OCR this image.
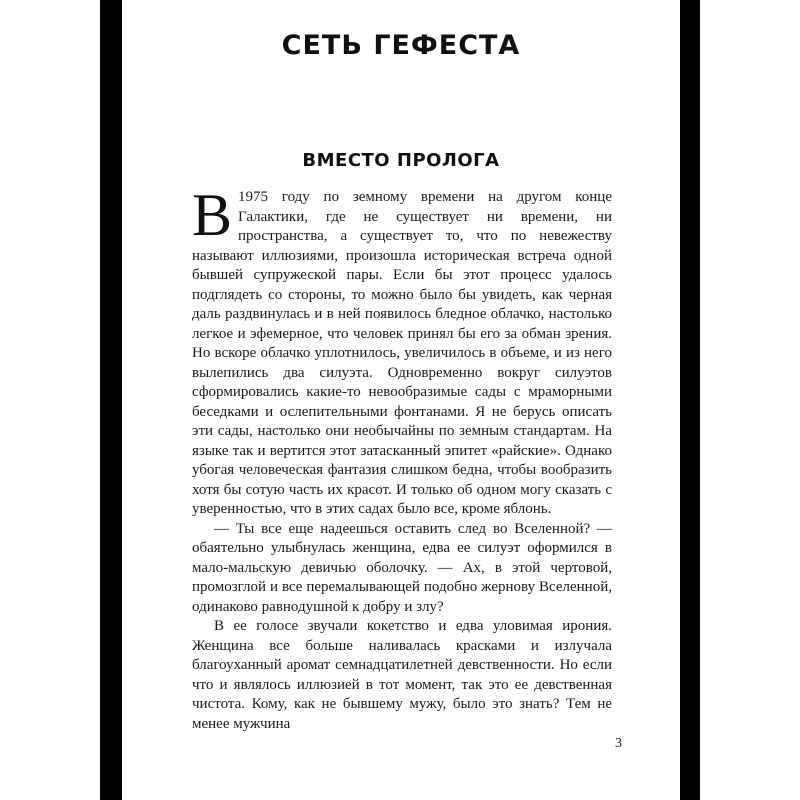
СЕТЬ ГЕФЕСТА
ВМЕСТО ПРОЛОГА

В 1975 году по земному времени на другом конце Галактики, где не существует ни времени, ни пространства, а существует то, что по невежеству называют иллюзиями, произошла историческая встреча одной бывшей супружеской пары. Если бы этот процесс удалось подглядеть со стороны, то можно было бы увидеть, как черная даль раздвинулась и в ней появилось бледное облачко, настолько легкое и эфемерное, что человек принял бы его за обман зрения. Но вскоре облачко уплотнилось, увеличилось в объеме, и из него вылепились два силуэта. Одновременно вокруг силуэтов сформировались какие-то невообразимые сады с мраморными беседками и ослепительными фонтанами. Я не берусь описать эти сады, настолько они необычайны по земным стандартам. На языке так и вертится этот затасканный эпитет «райские». Однако убогая человеческая фантазия слишком бедна, чтобы вообразить хотя бы сотую часть их красот. И только об одном могу сказать с уверенностью, что в этих садах было все, кроме яблонь.

— Ты все еще надеешься оставить след во Вселенной? — обаятельно улыбнулась женщина, едва ее силуэт оформился в мало-мальскую девичью оболочку. — Ах, в этой чертовой, промозглой и все перемалывающей подобно жернову Вселенной, одинаково равнодушной к добру и злу?

В ее голосе звучали кокетство и едва уловимая ирония. Женщина все больше наливалась красками и излучала благоуханный аромат семнадцатилетней девственности. Но если что и являлось иллюзией в тот момент, так это ее девственная чистота. Кому, как не бывшему мужу, было это знать? Тем не менее мужчина

3
